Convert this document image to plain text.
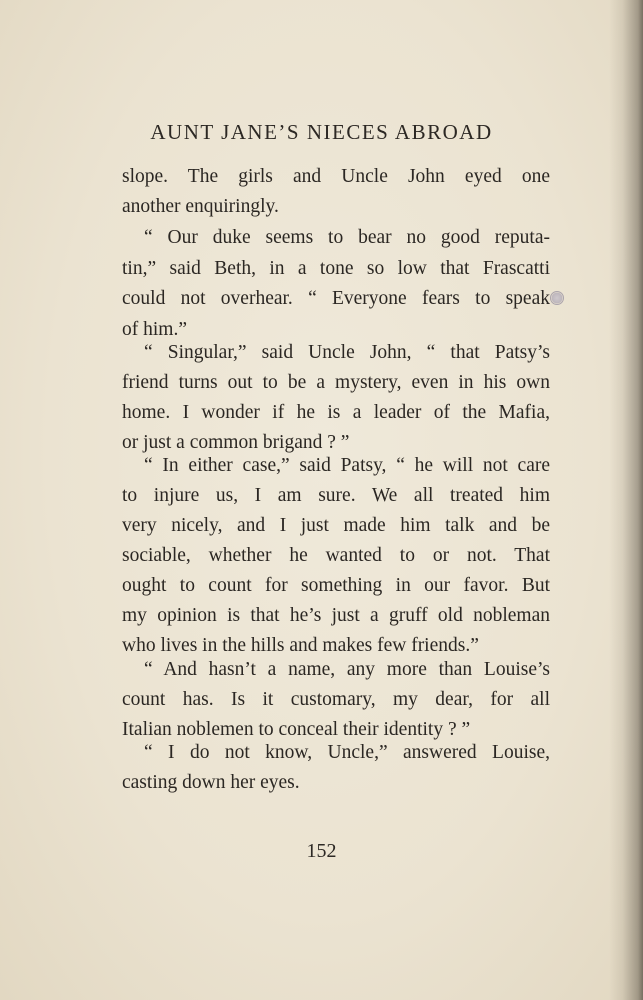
AUNT JANE’S NIECES ABROAD
slope. The girls and Uncle John eyed one
another enquiringly.
“ Our duke seems to bear no good reputa-
tin,” said Beth, in a tone so low that Frascatti
could not overhear. “ Everyone fears to speak
of him.”
“ Singular,” said Uncle John, “ that Patsy’s
friend turns out to be a mystery, even in his own
home. I wonder if he is a leader of the Mafia,
or just a common brigand ? ”
“ In either case,” said Patsy, “ he will not care
to injure us, I am sure. We all treated him
very nicely, and I just made him talk and be
sociable, whether he wanted to or not. That
ought to count for something in our favor. But
my opinion is that he’s just a gruff old nobleman
who lives in the hills and makes few friends.”
“ And hasn’t a name, any more than Louise’s
count has. Is it customary, my dear, for all
Italian noblemen to conceal their identity ? ”
“ I do not know, Uncle,” answered Louise,
casting down her eyes.
152
